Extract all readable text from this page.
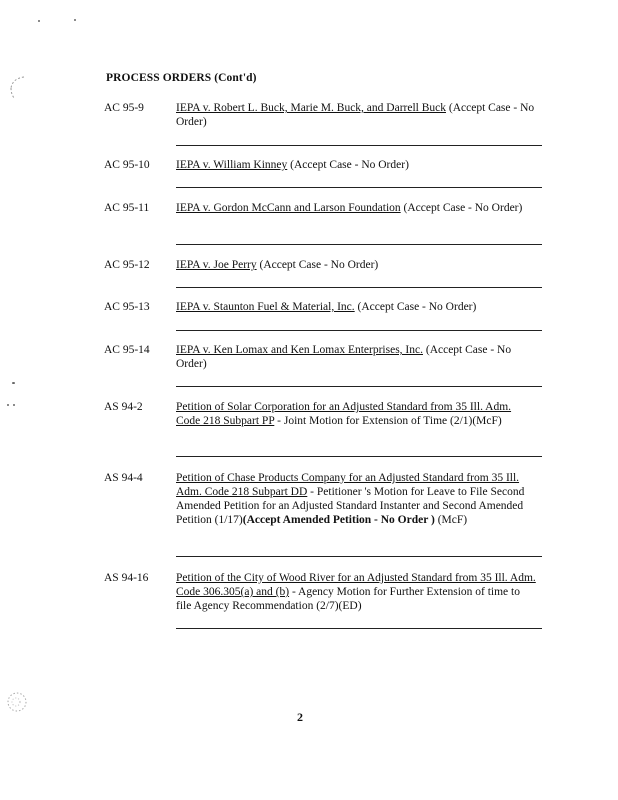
PROCESS ORDERS (Cont'd)
AC 95-9	IEPA v. Robert L. Buck, Marie M. Buck, and Darrell Buck (Accept Case - No Order)
AC 95-10 IEPA v. William Kinney (Accept Case - No Order)
AC 95-11 IEPA v. Gordon McCann and Larson Foundation (Accept Case - No Order)
AC 95-12 IEPA v. Joe Perry (Accept Case - No Order)
AC 95-13 IEPA v. Staunton Fuel & Material, Inc. (Accept Case - No Order)
AC 95-14 IEPA v. Ken Lomax and Ken Lomax Enterprises, Inc. (Accept Case - No Order)
AS 94-2	Petition of Solar Corporation for an Adjusted Standard from 35 Ill. Adm. Code 218 Subpart PP - Joint Motion for Extension of Time (2/1)(McF)
AS 94-4	Petition of Chase Products Company for an Adjusted Standard from 35 Ill. Adm. Code 218 Subpart DD - Petitioner 's Motion for Leave to File Second Amended Petition for an Adjusted Standard Instanter and Second Amended Petition (1/17)(Accept Amended Petition - No Order ) (McF)
AS 94-16 Petition of the City of Wood River for an Adjusted Standard from 35 Ill. Adm. Code 306.305(a) and (b) - Agency Motion for Further Extension of time to file Agency Recommendation (2/7)(ED)
2
